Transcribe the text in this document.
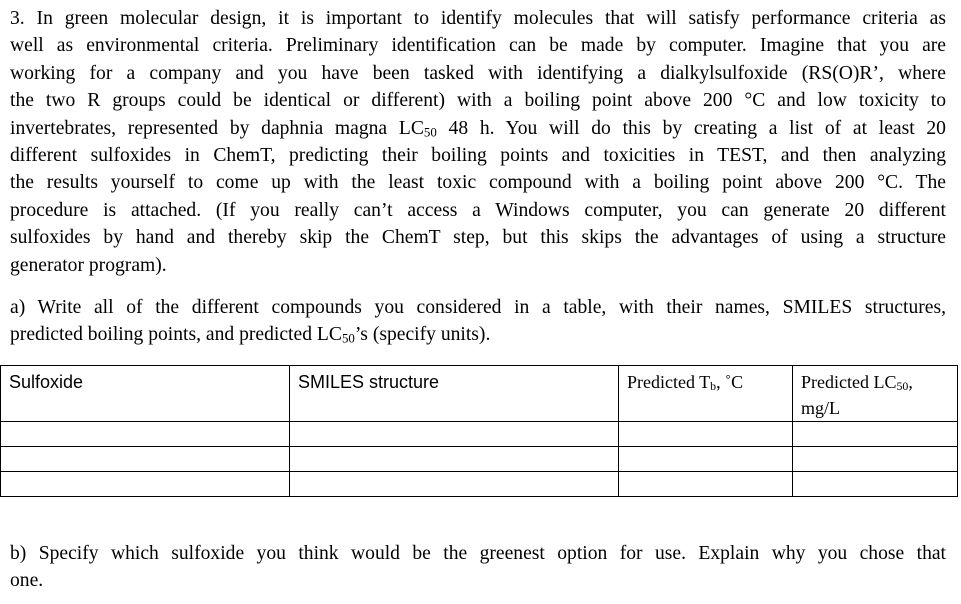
3. In green molecular design, it is important to identify molecules that will satisfy performance criteria as
well as environmental criteria. Preliminary identification can be made by computer. Imagine that you are
working for a company and you have been tasked with identifying a dialkylsulfoxide (RS(O)R’, where
the two R groups could be identical or different) with a boiling point above 200 °C and low toxicity to
invertebrates, represented by daphnia magna $LC_{50}$ 48 h. You will do this by creating a list of at least 20
different sulfoxides in ChemT, predicting their boiling points and toxicities in TEST, and then analyzing
the results yourself to come up with the least toxic compound with a boiling point above 200 °C. The
procedure is attached. (If you really can’t access a Windows computer, you can generate 20 different
sulfoxides by hand and thereby skip the ChemT step, but this skips the advantages of using a structure
generator program).
a) Write all of the different compounds you considered in a table, with their names, SMILES structures,
predicted boiling points, and predicted $LC_{50}’s$ (specify units).
Sulfoxide	SMILES structure	Predicted $T_b$, ˚C	Predicted $LC_{50}$,
mg/L

b) Specify which sulfoxide you think would be the greenest option for use. Explain why you chose that
one.
